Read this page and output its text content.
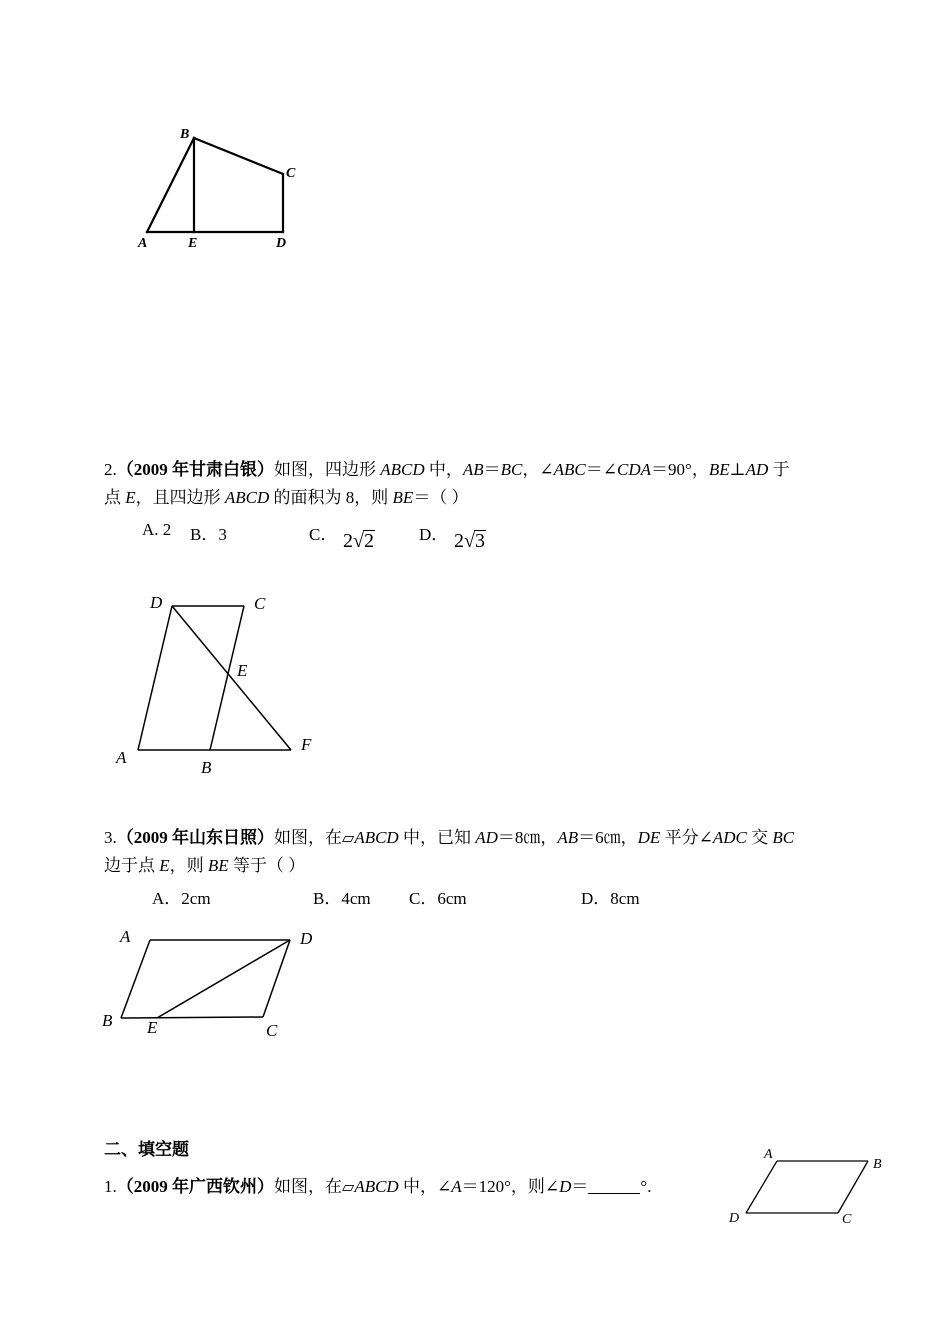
B
C
A	E	D
2.（2009 年甘肃白银）如图，四边形 ABCD 中，AB＝BC，∠ABC＝∠CDA＝90°，BE⊥AD 于
点 E，且四边形 ABCD 的面积为 8，则 BE＝（ ）
A. 2 B．3	C． 2√2	D． 2√3
D	C
E
A
B
F
3.（2009 年山东日照）如图，在▱ABCD 中，已知 AD＝8㎝，AB＝6㎝，DE 平分∠ADC 交 BC
边于点 E，则 BE 等于（ ）
A．2cm	B．4cm C．6cm	D．8cm
A	D
B E	C
二、填空题
1.（2009 年广西钦州）如图，在▱ABCD 中，∠A＝120°，则∠D＝	°.
A
B
C
D
